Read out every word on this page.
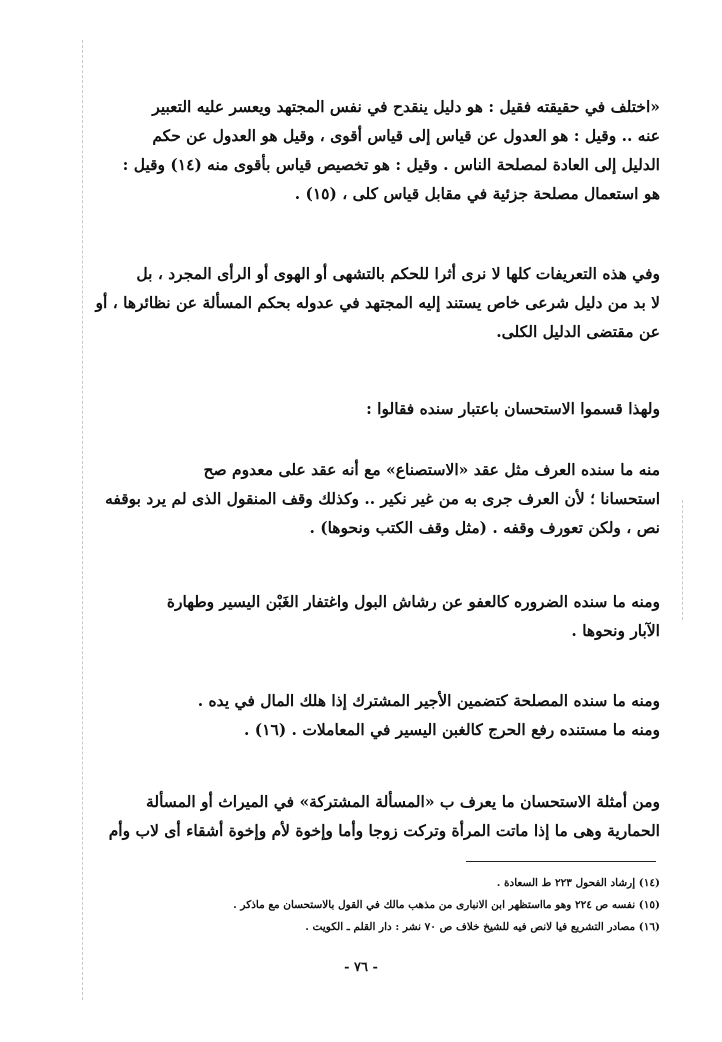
«اختلف في حقيقته فقيل : هو دليل ينقدح في نفس المجتهد ويعسر عليه التعبير
عنه .. وقيل : هو العدول عن قياس إلى قياس أقوى ، وقيل هو العدول عن حكم
الدليل إلى العادة لمصلحة الناس . وقيل : هو تخصيص قياس بأقوى منه (١٤) وقيل :
هو استعمال مصلحة جزئية في مقابل قياس كلى ، (١٥) .

وفي هذه التعريفات كلها لا نرى أثرا للحكم بالتشهى أو الهوى أو الرأى المجرد ، بل
لا بد من دليل شرعى خاص يستند إليه المجتهد في عدوله بحكم المسألة عن نظائرها ، أو
عن مقتضى الدليل الكلى.

ولهذا قسموا الاستحسان باعتبار سنده فقالوا :

منه ما سنده العرف مثل عقد «الاستصناع» مع أنه عقد على معدوم صح
استحسانا ؛ لأن العرف جرى به من غير نكير .. وكذلك وقف المنقول الذى لم يرد بوقفه
نص ، ولكن تعورف وقفه . (مثل وقف الكتب ونحوها) .

ومنه ما سنده الضروره كالعفو عن رشاش البول واغتفار الغَبْن اليسير وطهارة
الآبار ونحوها .

ومنه ما سنده المصلحة كتضمين الأجير المشترك إذا هلك المال في يده .
ومنه ما مستنده رفع الحرج كالغبن اليسير في المعاملات . (١٦) .

ومن أمثلة الاستحسان ما يعرف ب «المسألة المشتركة» في الميراث أو المسألة
الحمارية وهى ما إذا ماتت المرأة وتركت زوجا وأما وإخوة لأم وإخوة أشقاء أى لاب وأم

(١٤) إرشاد الفحول ٢٢٣ ط السعادة .
(١٥) نفسه ص ٢٢٤ وهو مااستظهر ابن الانبارى من مذهب مالك في القول بالاستحسان مع ماذكر .
(١٦) مصادر التشريع فيا لانص فيه للشيخ خلاف ص ٧٠ نشر : دار القلم ـ الكويت .
- ٧٦ -
